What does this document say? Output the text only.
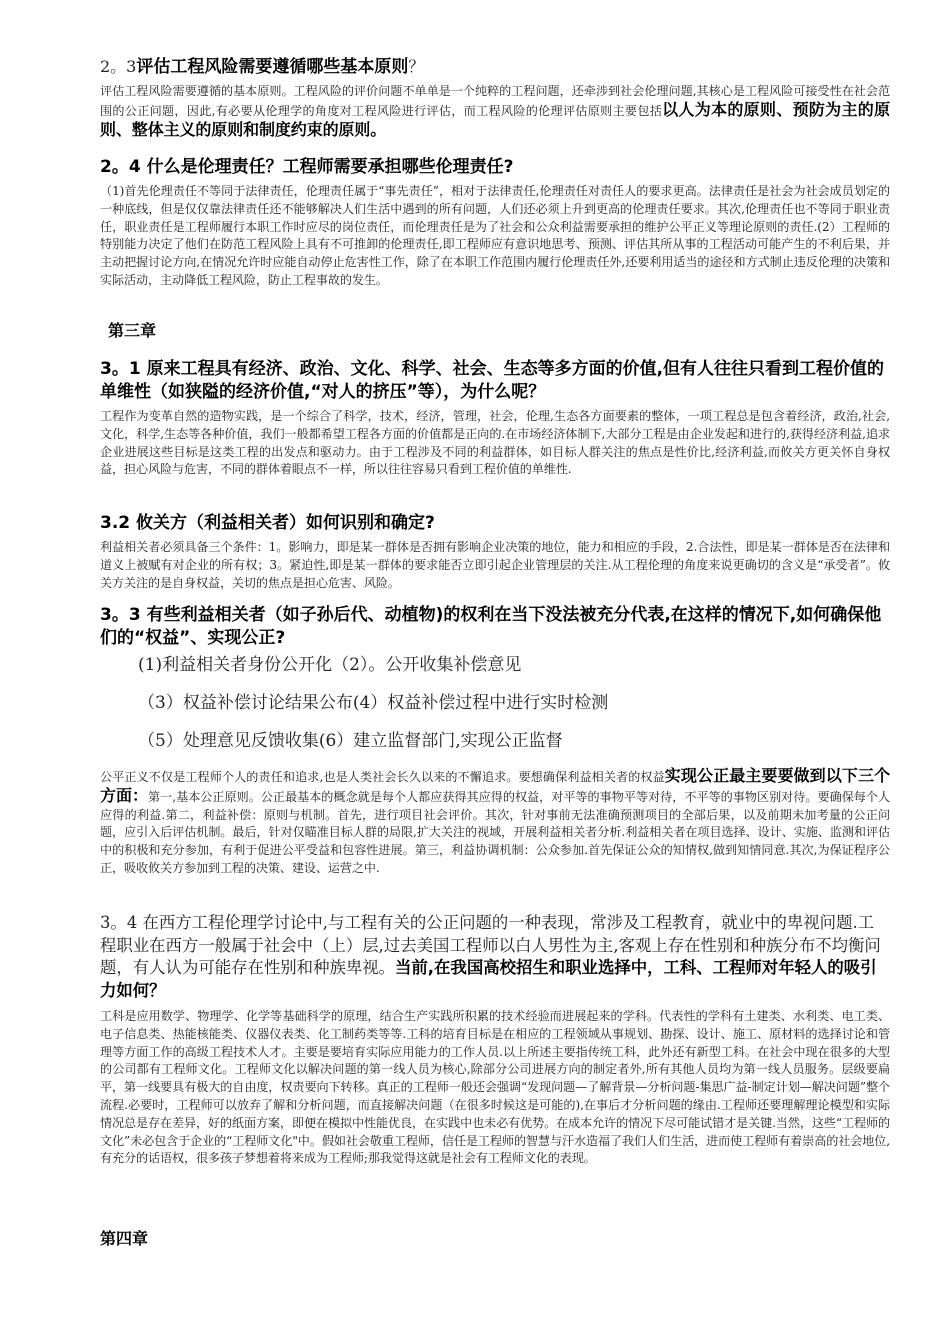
2。3评估工程风险需要遵循哪些基本原则？

评估工程风险需要遵循的基本原则。工程风险的评价问题不单单是一个纯粹的工程问题，还牵涉到社会伦理问题,其核心是工程风险可接受性在社会范围的公正问题，因此,有必要从伦理学的角度对工程风险进行评估，而工程风险的伦理评估原则主要包括以人为本的原则、预防为主的原则、整体主义的原则和制度约束的原则。

2。4 什么是伦理责任？工程师需要承担哪些伦理责任?

（1)首先伦理责任不等同于法律责任，伦理责任属于“事先责任”，相对于法律责任,伦理责任对责任人的要求更高。法律责任是社会为社会成员划定的一种底线，但是仅仅靠法律责任还不能够解决人们生活中遇到的所有问题，人们还必须上升到更高的伦理责任要求。其次,伦理责任也不等同于职业责任，职业责任是工程师履行本职工作时应尽的岗位责任，而伦理责任是为了社会和公众利益需要承担的维护公平正义等理论原则的责任.(2）工程师的特别能力决定了他们在防范工程风险上具有不可推卸的伦理责任,即工程师应有意识地思考、预测、评估其所从事的工程活动可能产生的不利后果，并主动把握讨论方向,在情况允许时应能自动停止危害性工作，除了在本职工作范围内履行伦理责任外,还要利用适当的途径和方式制止违反伦理的决策和实际活动，主动降低工程风险，防止工程事故的发生。

第三章

3。1 原来工程具有经济、政治、文化、科学、社会、生态等多方面的价值,但有人往往只看到工程价值的单维性（如狭隘的经济价值,“对人的挤压”等），为什么呢？

工程作为变革自然的造物实践，是一个综合了科学，技术，经济，管理，社会，伦理,生态各方面要素的整体，一项工程总是包含着经济，政治,社会,文化，科学,生态等各种价值，我们一般都希望工程各方面的价值都是正向的.在市场经济体制下,大部分工程是由企业发起和进行的,获得经济利益,追求企业进展这些目标是这类工程的出发点和驱动力。由于工程涉及不同的利益群体，如目标人群关注的焦点是性价比,经济利益,而攸关方更关怀自身权益，担心风险与危害，不同的群体着眼点不一样，所以往往容易只看到工程价值的单维性.

3.2 攸关方（利益相关者）如何识别和确定?

利益相关者必须具备三个条件：1。影响力，即是某一群体是否拥有影响企业决策的地位，能力和相应的手段，2.合法性，即是某一群体是否在法律和道义上被赋有对企业的所有权；3。紧迫性,即是某一群体的要求能否立即引起企业管理层的关注.从工程伦理的角度来说更确切的含义是“承受者”。攸关方关注的是自身权益，关切的焦点是担心危害、风险。

3。3 有些利益相关者（如子孙后代、动植物)的权利在当下没法被充分代表,在这样的情况下,如何确保他们的“权益”、实现公正?

(1)利益相关者身份公开化（2）。公开收集补偿意见

（3）权益补偿讨论结果公布(4）权益补偿过程中进行实时检测

（5）处理意见反馈收集(6）建立监督部门,实现公正监督

公平正义不仅是工程师个人的责任和追求,也是人类社会长久以来的不懈追求。要想确保利益相关者的权益实现公正最主要要做到以下三个方面：第一,基本公正原则。公正最基本的概念就是每个人都应获得其应得的权益，对平等的事物平等对待，不平等的事物区别对待。要确保每个人应得的利益.第二，利益补偿：原则与机制。首先，进行项目社会评价。其次，针对事前无法准确预测项目的全部后果，以及前期未加考量的公正问题，应引入后评估机制。最后，针对仅瞄准目标人群的局限,扩大关注的视域，开展利益相关者分析.利益相关者在项目选择、设计、实施、监测和评估中的积极和充分参加，有利于促进公平受益和包容性进展。第三，利益协调机制：公众参加.首先保证公众的知情权,做到知情同意.其次,为保证程序公正，吸收攸关方参加到工程的决策、建设、运营之中.

3。4 在西方工程伦理学讨论中,与工程有关的公正问题的一种表现，常涉及工程教育，就业中的卑视问题.工程职业在西方一般属于社会中（上）层,过去美国工程师以白人男性为主,客观上存在性别和种族分布不均衡问题，有人认为可能存在性别和种族卑视。当前,在我国高校招生和职业选择中，工科、工程师对年轻人的吸引力如何？

工科是应用数学、物理学、化学等基础科学的原理，结合生产实践所积累的技术经验而进展起来的学科。代表性的学科有土建类、水利类、电工类、电子信息类、热能核能类、仪器仪表类、化工制药类等等.工科的培育目标是在相应的工程领域从事规划、勘探、设计、施工、原材料的选择讨论和管理等方面工作的高级工程技术人才。主要是要培育实际应用能力的工作人员.以上所述主要指传统工科，此外还有新型工科。在社会中现在很多的大型的公司都有工程师文化。工程师文化以解决问题的第一线人员为核心,除部分公司进展方向的制定者外,所有其他人员均为第一线人员服务。层级要扁平，第一线要具有极大的自由度，权责要向下转移。真正的工程师一般还会强调“发现问题—了解背景—分析问题-集思广益-制定计划—解决问题”整个流程.必要时，工程师可以放弃了解和分析问题，而直接解决问题（在很多时候这是可能的),在事后才分析问题的缘由.工程师还要理解理论模型和实际情况总是存在差异，好的纸面方案，即便在模拟中性能优良，在实践中也未必有优势。在成本允许的情况下尽可能试错才是关键.当然，这些“工程师的文化”未必包含于企业的“工程师文化"中。假如社会敬重工程师，信任是工程师的智慧与汗水造福了我们人们生活，进而使工程师有着崇高的社会地位,有充分的话语权，很多孩子梦想着将来成为工程师;那我觉得这就是社会有工程师文化的表现。

第四章
